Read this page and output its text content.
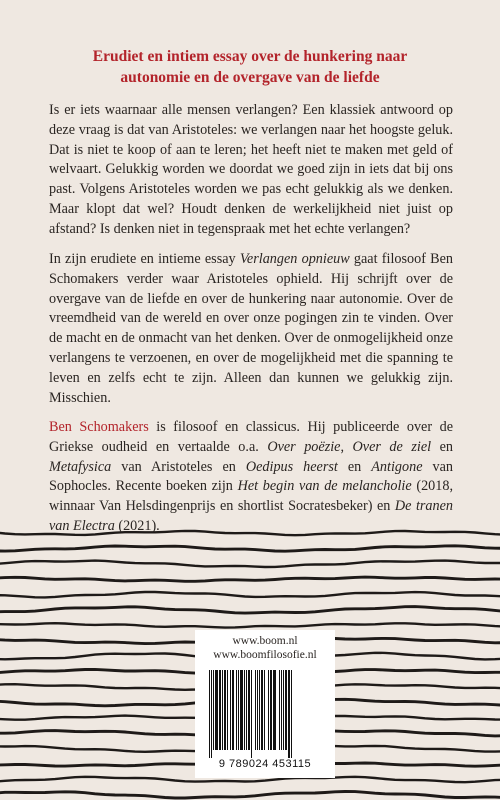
Erudiet en intiem essay over de hunkering naar
autonomie en de overgave van de liefde

Is er iets waarnaar alle mensen verlangen? Een klassiek antwoord op deze vraag is dat van Aristoteles: we verlangen naar het hoogste geluk. Dat is niet te koop of aan te leren; het heeft niet te maken met geld of welvaart. Gelukkig worden we doordat we goed zijn in iets dat bij ons past. Volgens Aristoteles worden we pas echt gelukkig als we denken. Maar klopt dat wel? Houdt denken de werkelijkheid niet juist op afstand? Is denken niet in tegenspraak met het echte verlangen?

In zijn erudiete en intieme essay Verlangen opnieuw gaat filosoof Ben Schomakers verder waar Aristoteles ophield. Hij schrijft over de overgave van de liefde en over de hunkering naar autonomie. Over de vreemdheid van de wereld en over onze pogingen zin te vinden. Over de macht en de onmacht van het denken. Over de onmogelijkheid onze verlangens te verzoenen, en over de mogelijkheid met die spanning te leven en zelfs echt te zijn. Alleen dan kunnen we gelukkig zijn. Misschien.

Ben Schomakers is filosoof en classicus. Hij publiceerde over de Griekse oudheid en vertaalde o.a. Over poëzie, Over de ziel en Metafysica van Aristoteles en Oedipus heerst en Antigone van Sophocles. Recente boeken zijn Het begin van de melancholie (2018, winnaar Van Helsdingenprijs en shortlist Socratesbeker) en De tranen van Electra (2021).

www.boom.nl
www.boomfilosofie.nl
9 789024 453115
